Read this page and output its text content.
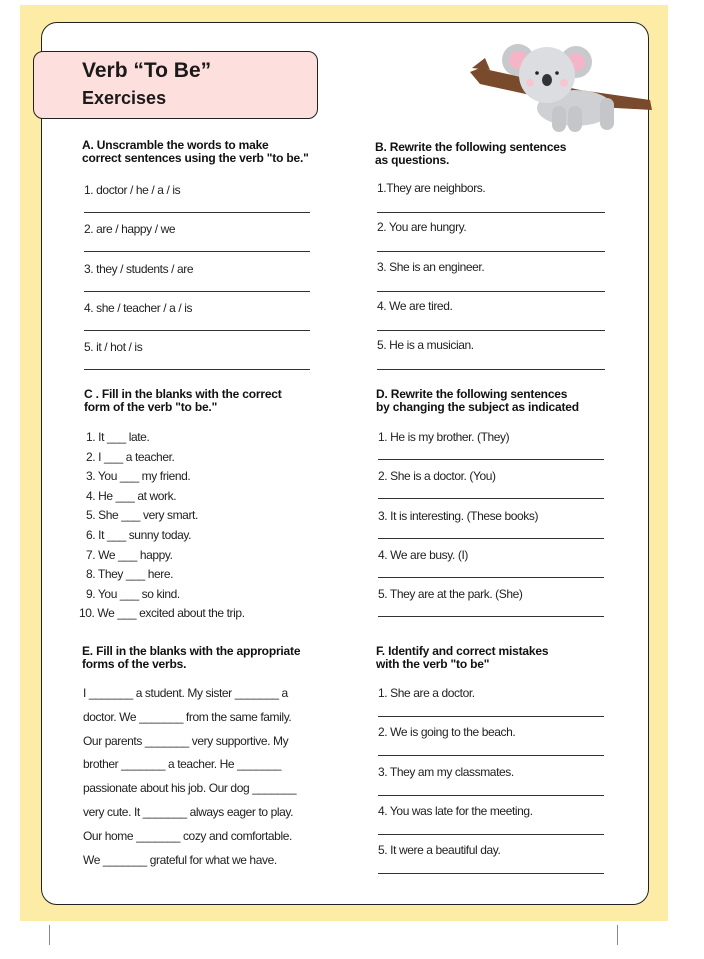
Verb “To Be”
Exercises
A. Unscramble the words to make
correct sentences using the verb "to be."
1. doctor / he / a / is
2. are / happy / we
3. they / students / are
4. she / teacher / a / is
5. it / hot / is
B. Rewrite the following sentences
as questions.
1.They are neighbors.
2. You are hungry.
3. She is an engineer.
4. We are tired.
5. He is a musician.
C . Fill in the blanks with the correct
form of the verb "to be."
1. It ___ late.
2. I ___ a teacher.
3. You ___ my friend.
4. He ___ at work.
5. She ___ very smart.
6. It ___ sunny today.
7. We ___ happy.
8. They ___ here.
9. You ___ so kind.
10. We ___ excited about the trip.
D. Rewrite the following sentences
by changing the subject as indicated
1. He is my brother. (They)
2. She is a doctor. (You)
3. It is interesting. (These books)
4. We are busy. (I)
5. They are at the park. (She)
E. Fill in the blanks with the appropriate
forms of the verbs.
I _______ a student. My sister _______ a
doctor. We _______ from the same family.
Our parents _______ very supportive. My
brother _______ a teacher. He _______
passionate about his job. Our dog _______
very cute. It _______ always eager to play.
Our home _______ cozy and comfortable.
We _______ grateful for what we have.
F. Identify and correct mistakes
with the verb "to be"
1. She are a doctor.
2. We is going to the beach.
3. They am my classmates.
4. You was late for the meeting.
5. It were a beautiful day.
